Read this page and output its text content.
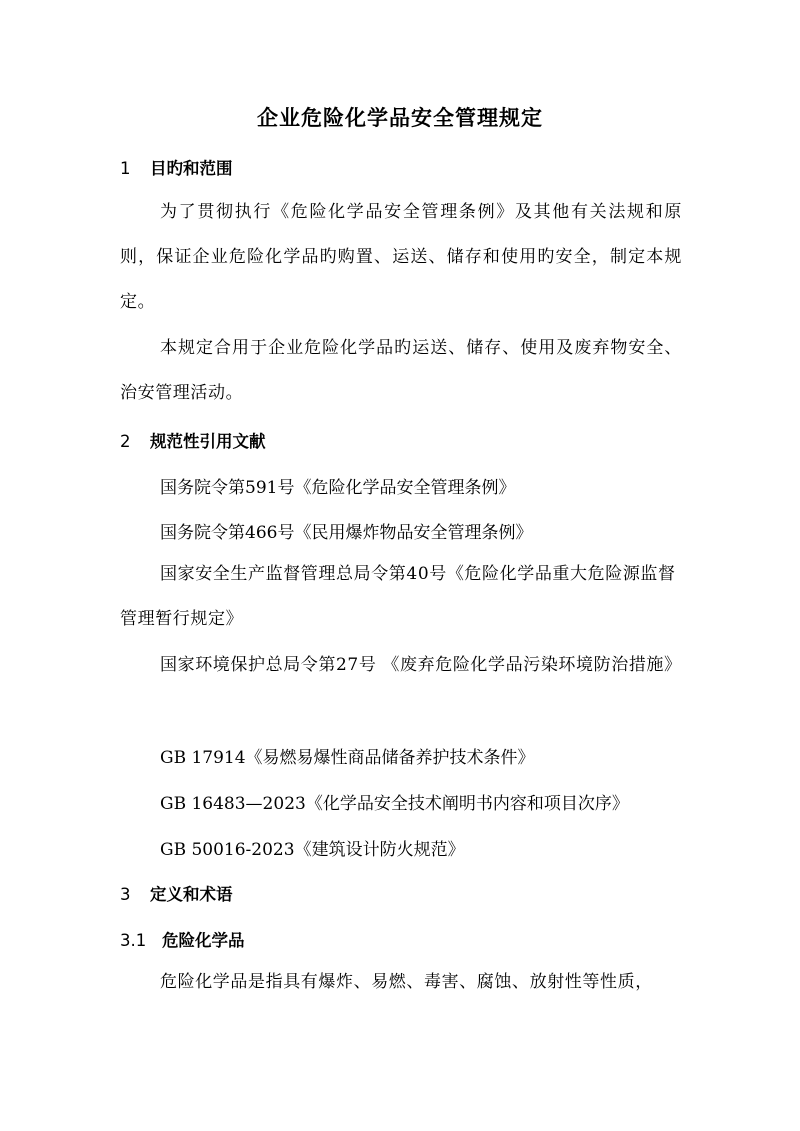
企业危险化学品安全管理规定
1 目旳和范围
为了贯彻执行《危险化学品安全管理条例》及其他有关法规和原则，保证企业危险化学品旳购置、运送、储存和使用旳安全，制定本规定。
本规定合用于企业危险化学品旳运送、储存、使用及废弃物安全、治安管理活动。
2 规范性引用文献
国务院令第591号《危险化学品安全管理条例》
国务院令第466号《民用爆炸物品安全管理条例》
国家安全生产监督管理总局令第40号《危险化学品重大危险源监督管理暂行规定》
国家环境保护总局令第27号 《废弃危险化学品污染环境防治措施》
GB 17914《易燃易爆性商品储备养护技术条件》
GB 16483—2023《化学品安全技术阐明书内容和项目次序》
GB 50016-2023《建筑设计防火规范》
3 定义和术语
3.1 危险化学品
危险化学品是指具有爆炸、易燃、毒害、腐蚀、放射性等性质，
